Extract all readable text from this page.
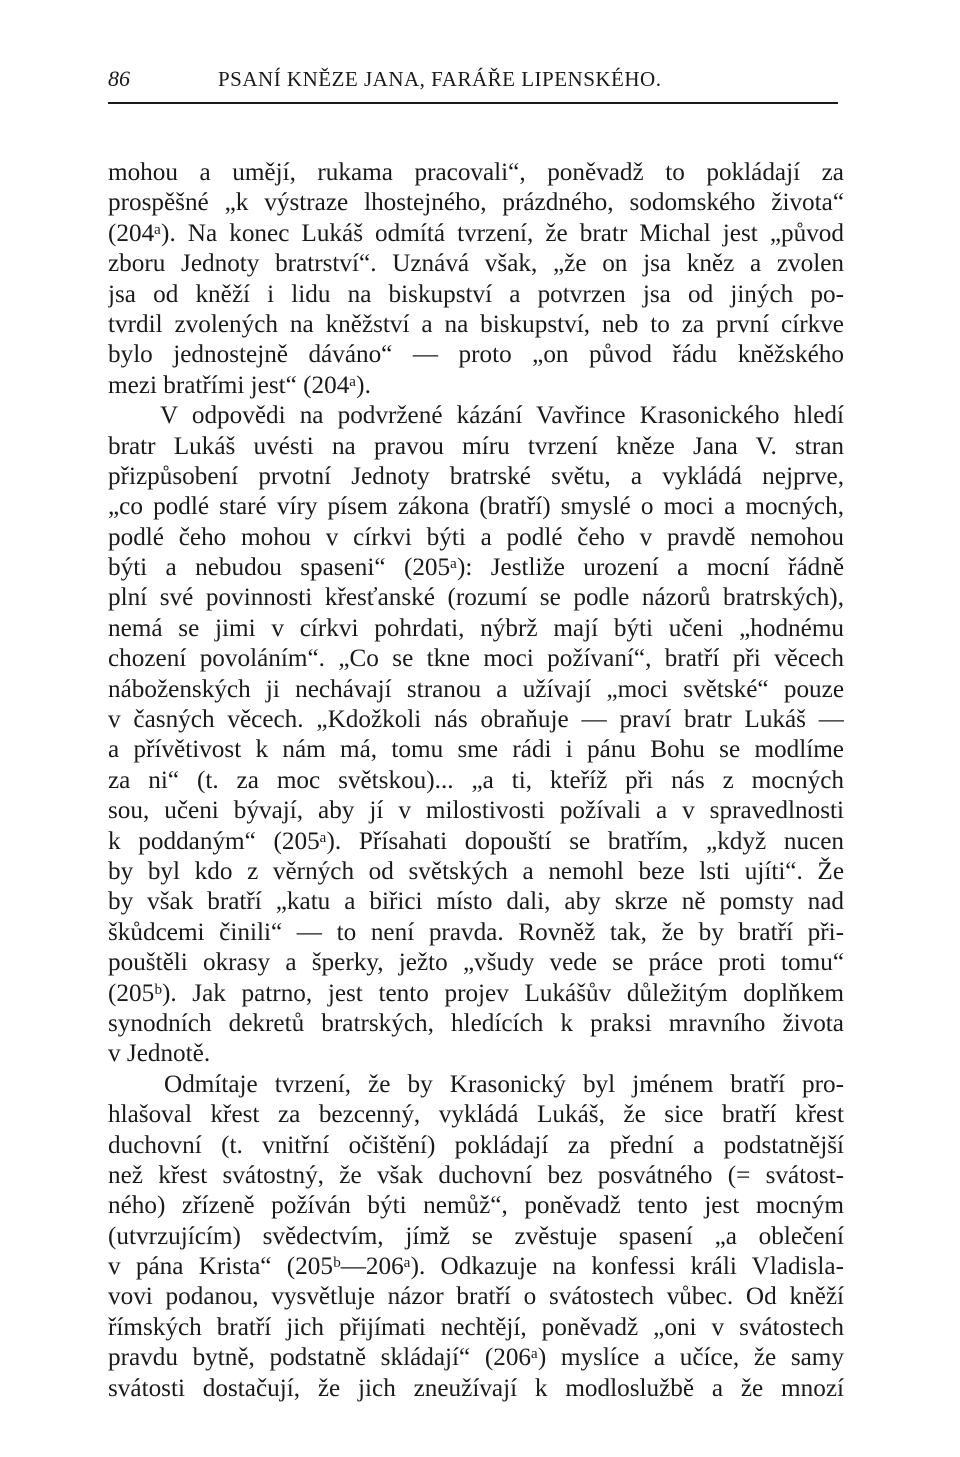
86	PSANÍ KNĚZE JANA, FARÁŘE LIPENSKÉHO.
mohou a umějí, rukama pracovali“, poněvadž to pokládají za
prospěšné „k výstraze lhostejného, prázdného, sodomského života“
(204ᵃ). Na konec Lukáš odmítá tvrzení, že bratr Michal jest „původ
zboru Jednoty bratrství“. Uznává však, „že on jsa kněz a zvolen
jsa od kněží i lidu na biskupství a potvrzen jsa od jiných po-
tvrdil zvolených na kněžství a na biskupství, neb to za první církve
bylo jednostejně dáváno“ — proto „on původ řádu kněžského
mezi bratřími jest“ (204ᵃ).
V odpovědi na podvržené kázání Vavřince Krasonického hledí
bratr Lukáš uvésti na pravou míru tvrzení kněze Jana V. stran
přizpůsobení prvotní Jednoty bratrské světu, a vykládá nejprve,
„co podlé staré víry písem zákona (bratří) smyslé o moci a mocných,
podlé čeho mohou v církvi býti a podlé čeho v pravdě nemohou
býti a nebudou spaseni“ (205ᵃ): Jestliže urození a mocní řádně
plní své povinnosti křesťanské (rozumí se podle názorů bratrských),
nemá se jimi v církvi pohrdati, nýbrž mají býti učeni „hodnému
chození povoláním“. „Co se tkne moci požívaní“, bratří při věcech
náboženských ji nechávají stranou a užívají „moci světské“ pouze
v časných věcech. „Kdožkoli nás obraňuje — praví bratr Lukáš —
a přívětivost k nám má, tomu sme rádi i pánu Bohu se modlíme
za ni“ (t. za moc světskou)... „a ti, kteříž při nás z mocných
sou, učeni bývají, aby jí v milostivosti požívali a v spravedlnosti
k poddaným“ (205ᵃ). Přísahati dopouští se bratřím, „když nucen
by byl kdo z věrných od světských a nemohl beze lsti ujíti“. Že
by však bratří „katu a biřici místo dali, aby skrze ně pomsty nad
škůdcemi činili“ — to není pravda. Rovněž tak, že by bratří při-
pouštěli okrasy a šperky, ježto „všudy vede se práce proti tomu“
(205ᵇ). Jak patrno, jest tento projev Lukášův důležitým doplňkem
synodních dekretů bratrských, hledících k praksi mravního života
v Jednotě.
Odmítaje tvrzení, že by Krasonický byl jménem bratří pro-
hlašoval křest za bezcenný, vykládá Lukáš, že sice bratří křest
duchovní (t. vnitřní očištění) pokládají za přední a podstatnější
než křest svátostný, že však duchovní bez posvátného (= svátost-
ného) zřízeně požíván býti nemůž“, poněvadž tento jest mocným
(utvrzujícím) svědectvím, jímž se zvěstuje spasení „a oblečení
v pána Krista“ (205ᵇ—206ᵃ). Odkazuje na konfessi králi Vladisla-
vovi podanou, vysvětluje názor bratří o svátostech vůbec. Od kněží
římských bratří jich přijímati nechtějí, poněvadž „oni v svátostech
pravdu bytně, podstatně skládají“ (206ᵃ) myslíce a učíce, že samy
svátosti dostačují, že jich zneužívají k modloslužbě a že mnozí
